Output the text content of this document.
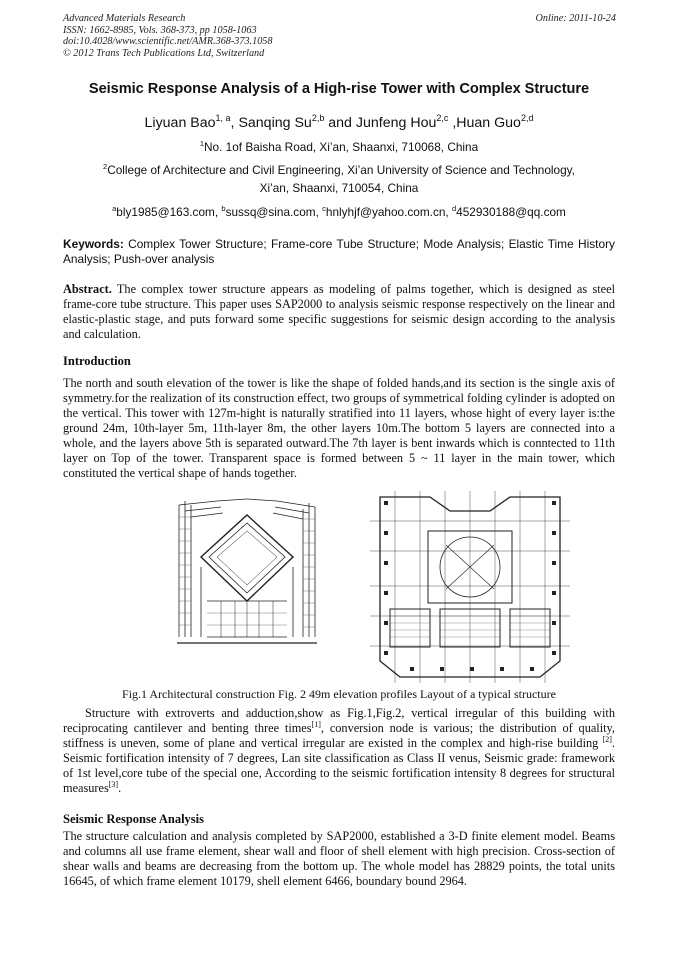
Advanced Materials Research
ISSN: 1662-8985, Vols. 368-373, pp 1058-1063
doi:10.4028/www.scientific.net/AMR.368-373.1058
© 2012 Trans Tech Publications Ltd, Switzerland
Online: 2011-10-24
Seismic Response Analysis of a High-rise Tower with Complex Structure
Liyuan Bao$^{1, a}$, Sanqing Su$^{2,b}$ and Junfeng Hou$^{2,c}$ ,Huan Guo$^{2,d}$
$^1$No. 1of Baisha Road, Xi’an, Shaanxi, 710068, China
$^2$College of Architecture and Civil Engineering, Xi’an University of Science and Technology,
Xi’an, Shaanxi, 710054, China
$^a$bly1985@163.com, $^b$sussq@sina.com, $^c$hnlyhjf@yahoo.com.cn, $^d$452930188@qq.com
Keywords: Complex Tower Structure; Frame-core Tube Structure; Mode Analysis; Elastic Time History Analysis; Push-over analysis
Abstract. The complex tower structure appears as modeling of palms together, which is designed as steel frame-core tube structure. This paper uses SAP2000 to analysis seismic response respectively on the linear and elastic-plastic stage, and puts forward some specific suggestions for seismic design according to the analysis and calculation.
Introduction
The north and south elevation of the tower is like the shape of folded hands,and its section is the single axis of symmetry.for the realization of its construction effect, two groups of symmetrical folding cylinder is adopted on the vertical. This tower with 127m-hight is naturally stratified into 11 layers, whose hight of every layer is:the ground 24m, 10th-layer 5m, 11th-layer 8m, the other layers 10m.The bottom 5 layers are connected into a whole, and the layers above 5th is separated outward.The 7th layer is bent inwards which is conntected to 11th layer on Top of the tower. Transparent space is formed between 5 ~ 11 layer in the main tower, which constituted the vertical shape of hands together.
Fig.1 Architectural construction Fig. 2 49m elevation profiles Layout of a typical structure
Structure with extroverts and adduction,show as Fig.1,Fig.2, vertical irregular of this building with reciprocating cantilever and benting three times[1], conversion node is various; the distribution of quality, stiffness is uneven, some of plane and vertical irregular are existed in the complex and high-rise building [2]. Seismic fortification intensity of 7 degrees, Lan site classification as Class II venus, Seismic grade: framework of 1st level,core tube of the special one, According to the seismic fortification intensity 8 degrees for structural measures[3].
Seismic Response Analysis
The structure calculation and analysis completed by SAP2000, established a 3-D finite element model. Beams and columns all use frame element, shear wall and floor of shell element with high precision. Cross-section of shear walls and beams are decreasing from the bottom up. The whole model has 28829 points, the total units 16645, of which frame element 10179, shell element 6466, boundary bound 2964.
